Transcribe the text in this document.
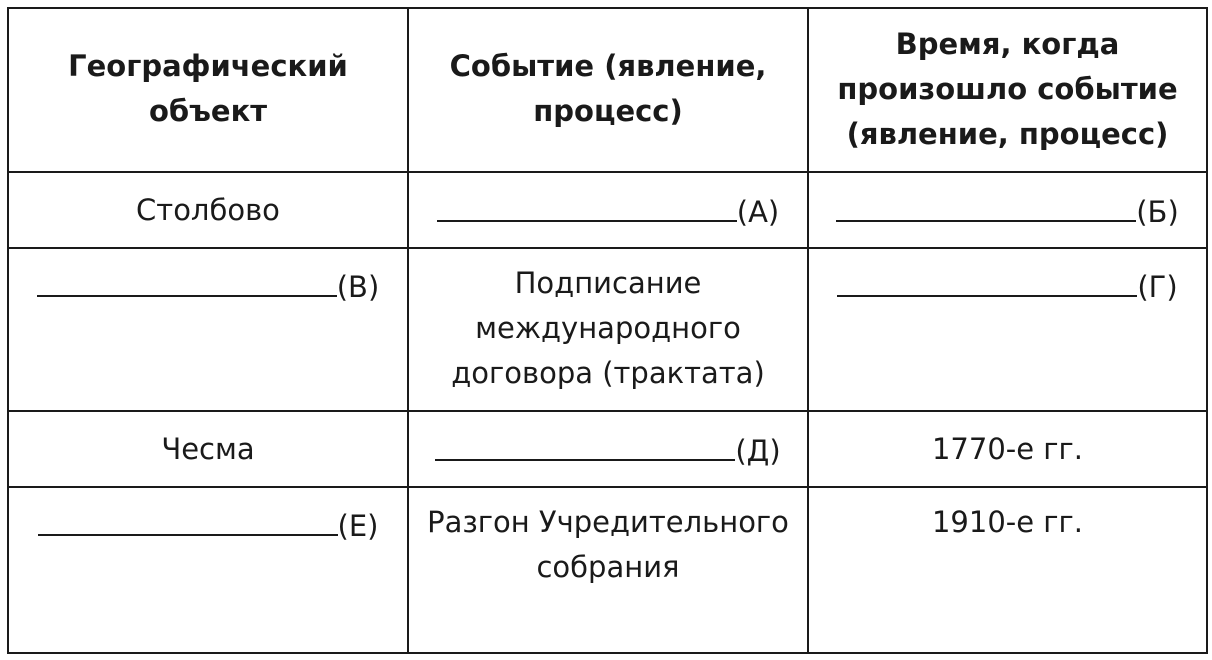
Географический объект	Событие (явление, процесс)	Время, когда произошло событие (явление, процесс)
Столбово	(А)	(Б)
(В)	Подписание международного договора (трактата)	(Г)
Чесма	(Д)	1770-е гг.
(Е)	Разгон Учредительного собрания	1910-е гг.
